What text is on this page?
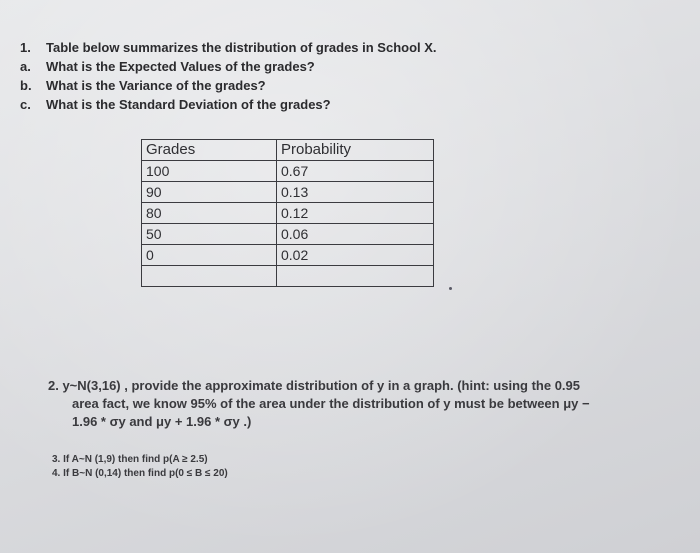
1.	Table below summarizes the distribution of grades in School X.
a.	What is the Expected Values of the grades?
b.	What is the Variance of the grades?
c.	What is the Standard Deviation of the grades?
Grades	Probability
100	0.67
90	0.13
80	0.12
50	0.06
0	0.02

2. y~N(3,16) , provide the approximate distribution of y in a graph. (hint: using the 0.95
area fact, we know 95% of the area under the distribution of y must be between μy −
1.96 * σy and μy + 1.96 * σy .)
3. If A~N (1,9) then find p(A ≥ 2.5)
4. If B~N (0,14) then find p(0 ≤ B ≤ 20)
